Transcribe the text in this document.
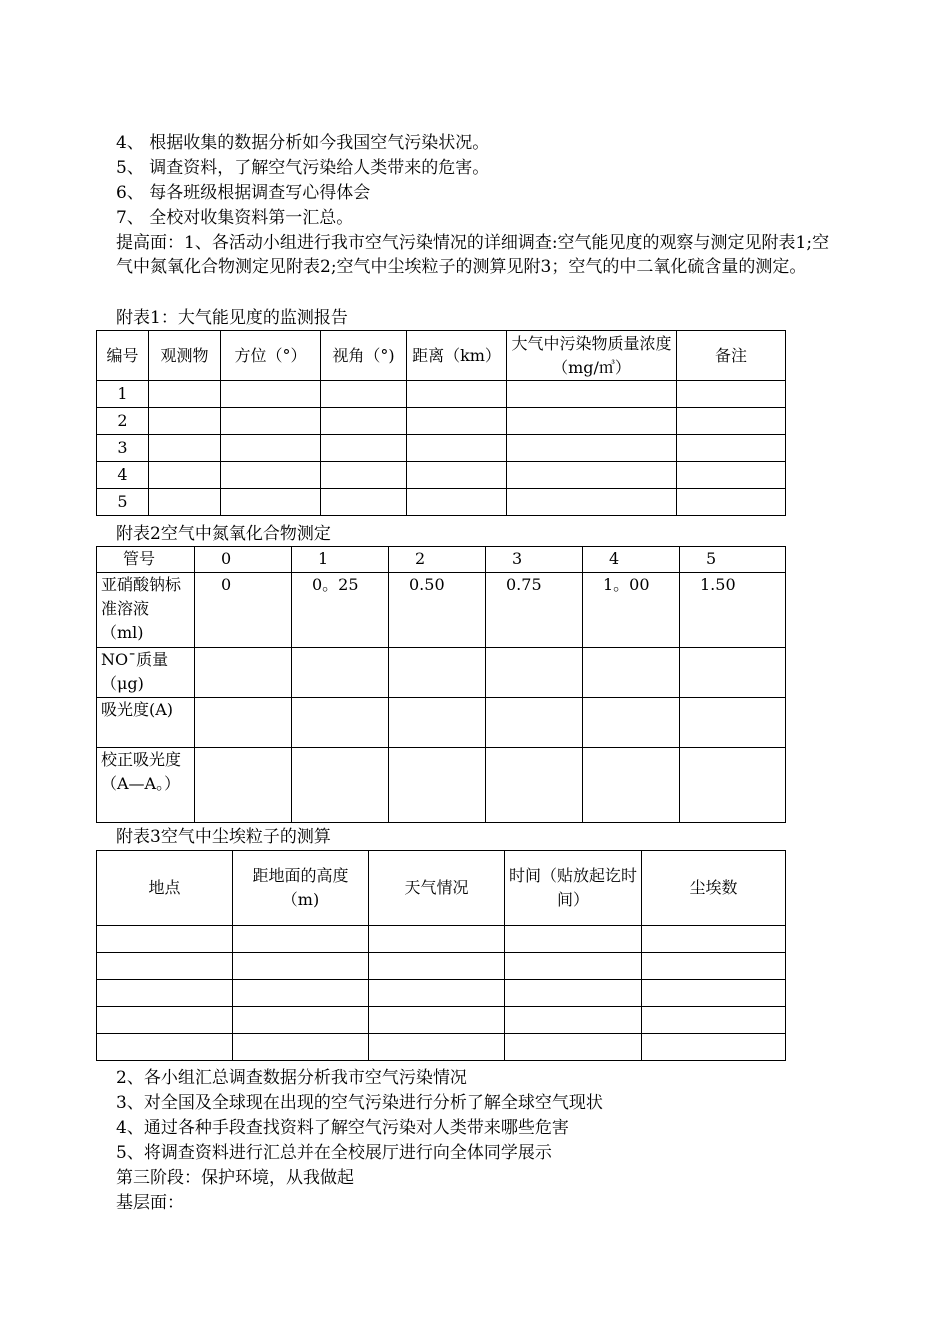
4、 根据收集的数据分析如今我国空气污染状况。
5、 调查资料，了解空气污染给人类带来的危害。
6、 每各班级根据调查写心得体会
7、 全校对收集资料第一汇总。
提高面：1、各活动小组进行我市空气污染情况的详细调查:空气能见度的观察与测定见附表1;空气中氮氧化合物测定见附表2;空气中尘埃粒子的测算见附3；空气的中二氧化硫含量的测定。
附表1：大气能见度的监测报告
编号	观测物	方位（°）	视角（°)	距离（km）	大气中污染物质量浓度（mg/㎥）	备注
1						
2						
3						
4						
5						
附表2空气中氮氧化合物测定
管号	0	1	2	3	4	5
亚硝酸钠标准溶液（ml)	0	0。25	0.50	0.75	1。00	1.50
NO¯质量（μg)						
吸光度(A)						
校正吸光度（A—A。）						
附表3空气中尘埃粒子的测算
地点	距地面的高度（m)	天气情况	时间（贴放起讫时间）	尘埃数

2、各小组汇总调查数据分析我市空气污染情况
3、对全国及全球现在出现的空气污染进行分析了解全球空气现状
4、通过各种手段查找资料了解空气污染对人类带来哪些危害
5、将调查资料进行汇总并在全校展厅进行向全体同学展示
第三阶段：保护环境，从我做起
基层面：
